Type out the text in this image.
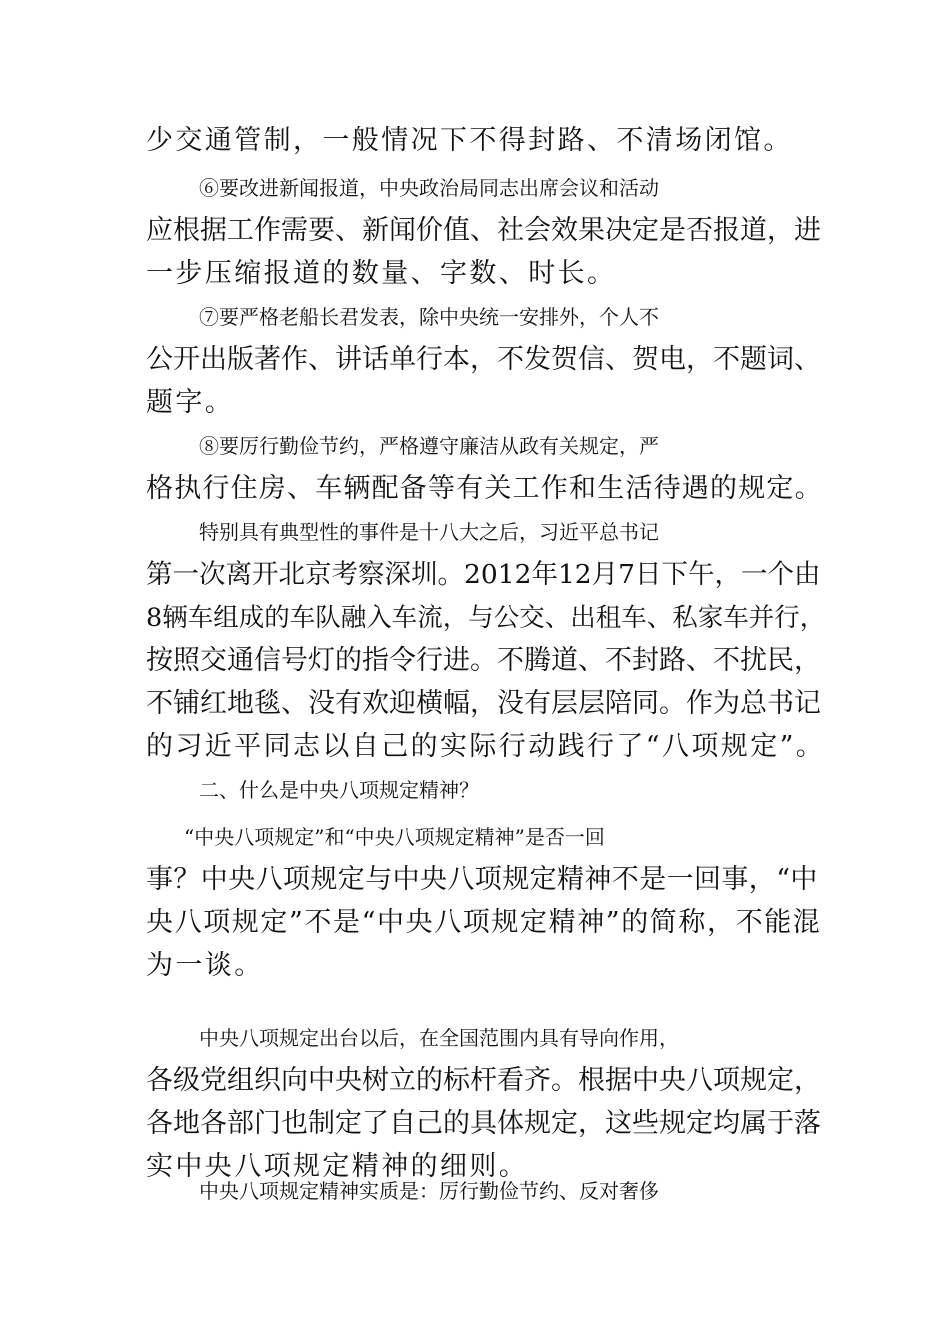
少交通管制，一般情况下不得封路、不清场闭馆。
⑥要改进新闻报道，中央政治局同志出席会议和活动
应根据工作需要、新闻价值、社会效果决定是否报道，进
一步压缩报道的数量、字数、时长。
⑦要严格老船长君发表，除中央统一安排外，个人不
公开出版著作、讲话单行本，不发贺信、贺电，不题词、
题字。
⑧要厉行勤俭节约，严格遵守廉洁从政有关规定，严
格执行住房、车辆配备等有关工作和生活待遇的规定。
特别具有典型性的事件是十八大之后，习近平总书记
第一次离开北京考察深圳。2012年12月7日下午，一个由
8辆车组成的车队融入车流，与公交、出租车、私家车并行，
按照交通信号灯的指令行进。不腾道、不封路、不扰民，
不铺红地毯、没有欢迎横幅，没有层层陪同。作为总书记
的习近平同志以自己的实际行动践行了“八项规定”。
二、什么是中央八项规定精神？
“中央八项规定”和“中央八项规定精神”是否一回
事？中央八项规定与中央八项规定精神不是一回事，“中
央八项规定”不是“中央八项规定精神”的简称，不能混
为一谈。
中央八项规定出台以后，在全国范围内具有导向作用，
各级党组织向中央树立的标杆看齐。根据中央八项规定，
各地各部门也制定了自己的具体规定，这些规定均属于落
实中央八项规定精神的细则。
中央八项规定精神实质是：厉行勤俭节约、反对奢侈
